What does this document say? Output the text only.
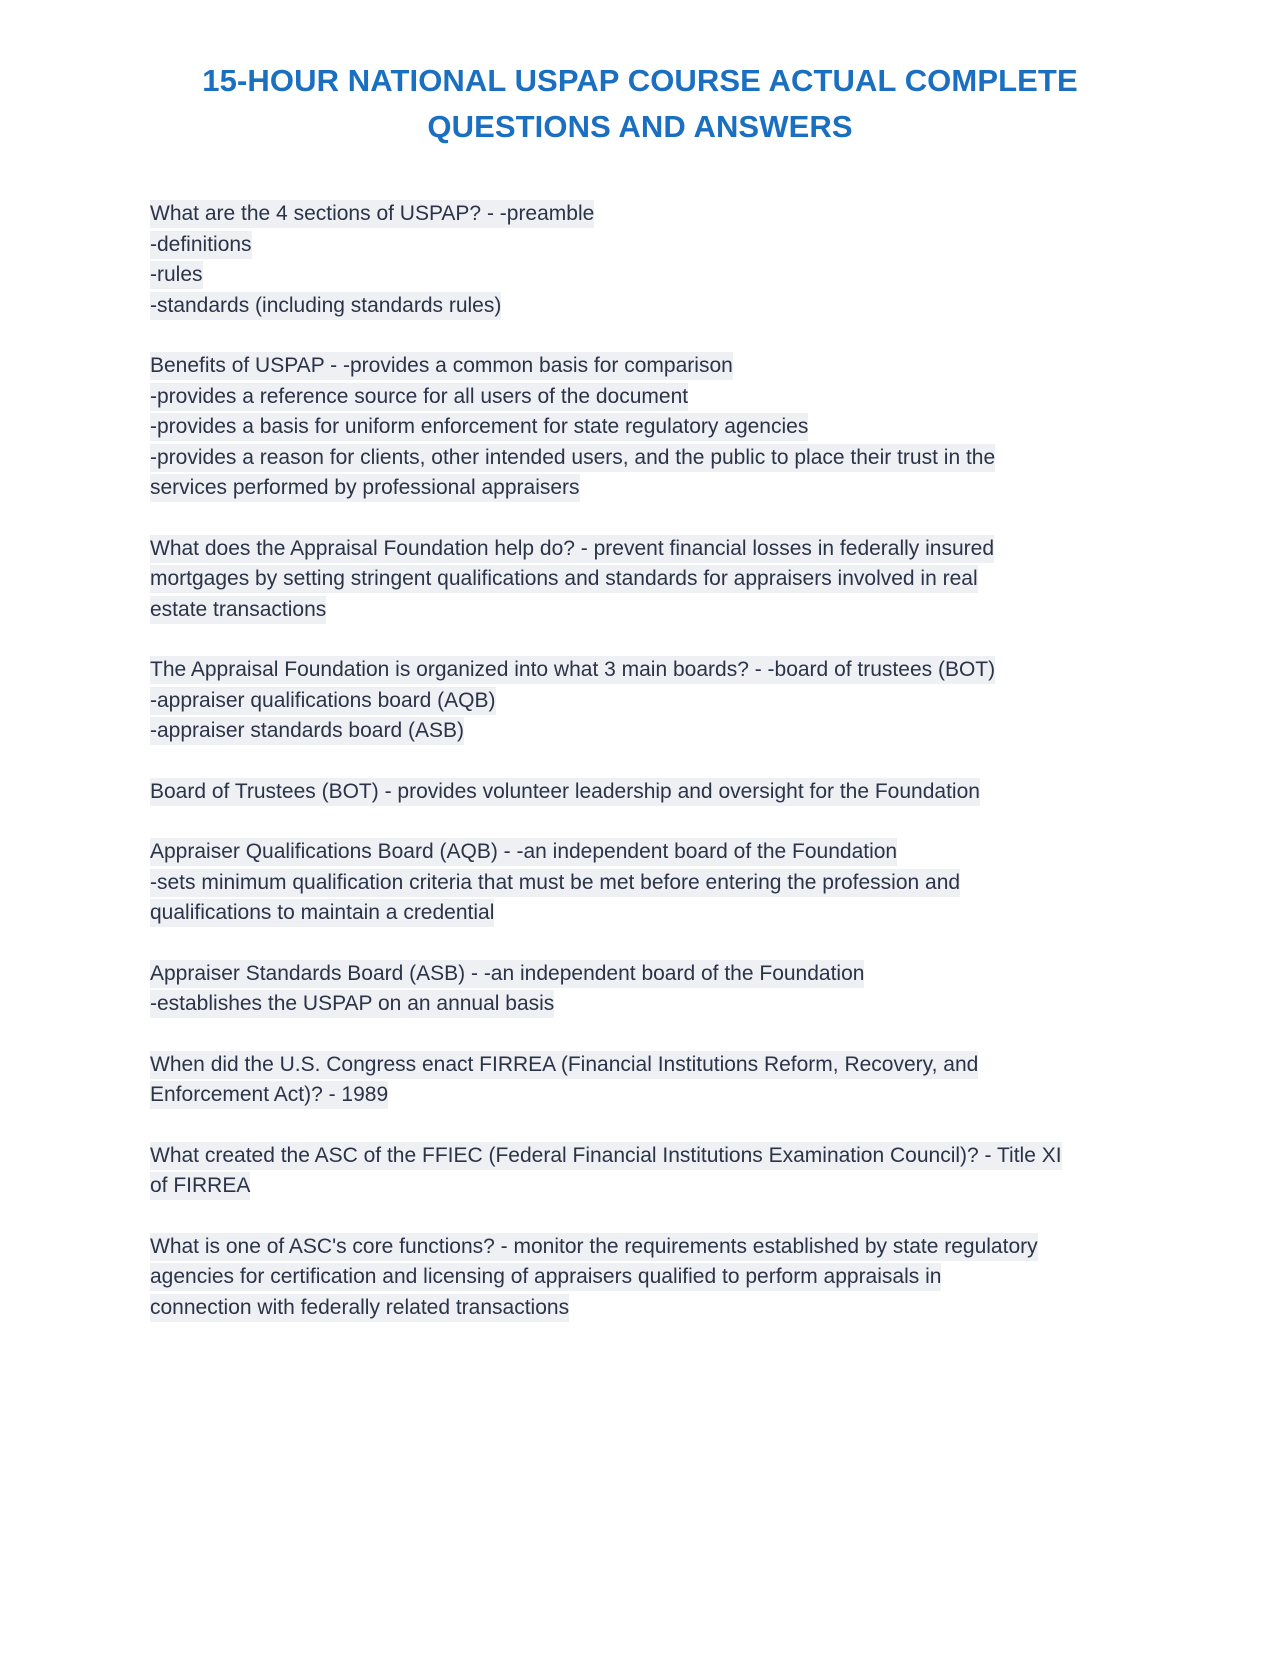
15-HOUR NATIONAL USPAP COURSE ACTUAL COMPLETE
QUESTIONS AND ANSWERS

What are the 4 sections of USPAP? - -preamble

-definitions

-rules

-standards (including standards rules)

Benefits of USPAP - -provides a common basis for comparison

-provides a reference source for all users of the document

-provides a basis for uniform enforcement for state regulatory agencies

-provides a reason for clients, other intended users, and the public to place their trust in the

services performed by professional appraisers

What does the Appraisal Foundation help do? - prevent financial losses in federally insured

mortgages by setting stringent qualifications and standards for appraisers involved in real

estate transactions

The Appraisal Foundation is organized into what 3 main boards? - -board of trustees (BOT)

-appraiser qualifications board (AQB)

-appraiser standards board (ASB)

Board of Trustees (BOT) - provides volunteer leadership and oversight for the Foundation

Appraiser Qualifications Board (AQB) - -an independent board of the Foundation

-sets minimum qualification criteria that must be met before entering the profession and

qualifications to maintain a credential

Appraiser Standards Board (ASB) - -an independent board of the Foundation

-establishes the USPAP on an annual basis

When did the U.S. Congress enact FIRREA (Financial Institutions Reform, Recovery, and

Enforcement Act)? - 1989

What created the ASC of the FFIEC (Federal Financial Institutions Examination Council)? - Title XI

of FIRREA

What is one of ASC's core functions? - monitor the requirements established by state regulatory

agencies for certification and licensing of appraisers qualified to perform appraisals in

connection with federally related transactions
